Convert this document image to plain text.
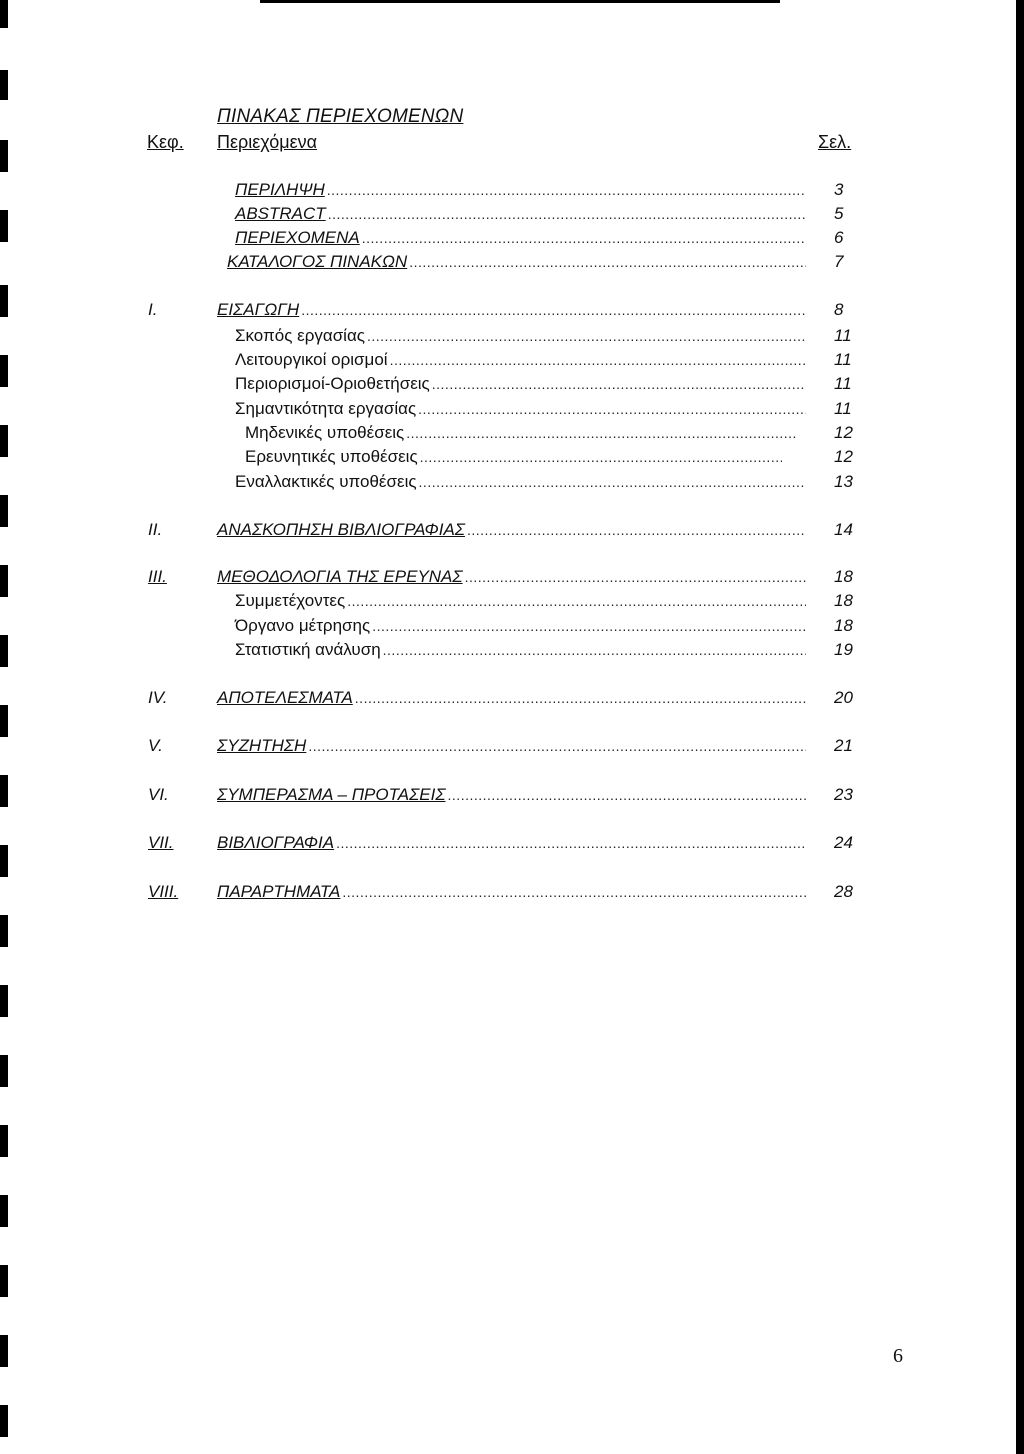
ΠΙΝΑΚΑΣ ΠΕΡΙΕΧΟΜΕΝΩΝ
Κεφ. Περιεχόμενα	Σελ.
ΠΕΡΙΛΗΨΗ .....	3
ABSTRACT .....	5
ΠΕΡΙΕΧΟΜΕΝΑ .....	6
ΚΑΤΑΛΟΓΟΣ ΠΙΝΑΚΩΝ .....	7
I.	ΕΙΣΑΓΩΓΗ .....	8
Σκοπός εργασίας .....	11
Λειτουργικοί ορισμοί .....	11
Περιορισμοί-Οριοθετήσεις .....	11
Σημαντικότητα εργασίας .....	11
Μηδενικές υποθέσεις .....	12
Ερευνητικές υποθέσεις .....	12
Εναλλακτικές υποθέσεις .....	13
II.	ΑΝΑΣΚΟΠΗΣΗ ΒΙΒΛΙΟΓΡΑΦΙΑΣ .....	14
III.	ΜΕΘΟΔΟΛΟΓΙΑ ΤΗΣ ΕΡΕΥΝΑΣ .....	18
Συμμετέχοντες .....	18
Όργανο μέτρησης .....	18
Στατιστική ανάλυση .....	19
IV.	ΑΠΟΤΕΛΕΣΜΑΤΑ .....	20
V.	ΣΥΖΗΤΗΣΗ .....	21
VI.	ΣΥΜΠΕΡΑΣΜΑ – ΠΡΟΤΑΣΕΙΣ .....	23
VII.	ΒΙΒΛΙΟΓΡΑΦΙΑ .....	24
VIII. ΠΑΡΑΡΤΗΜΑΤΑ .....	28
6
